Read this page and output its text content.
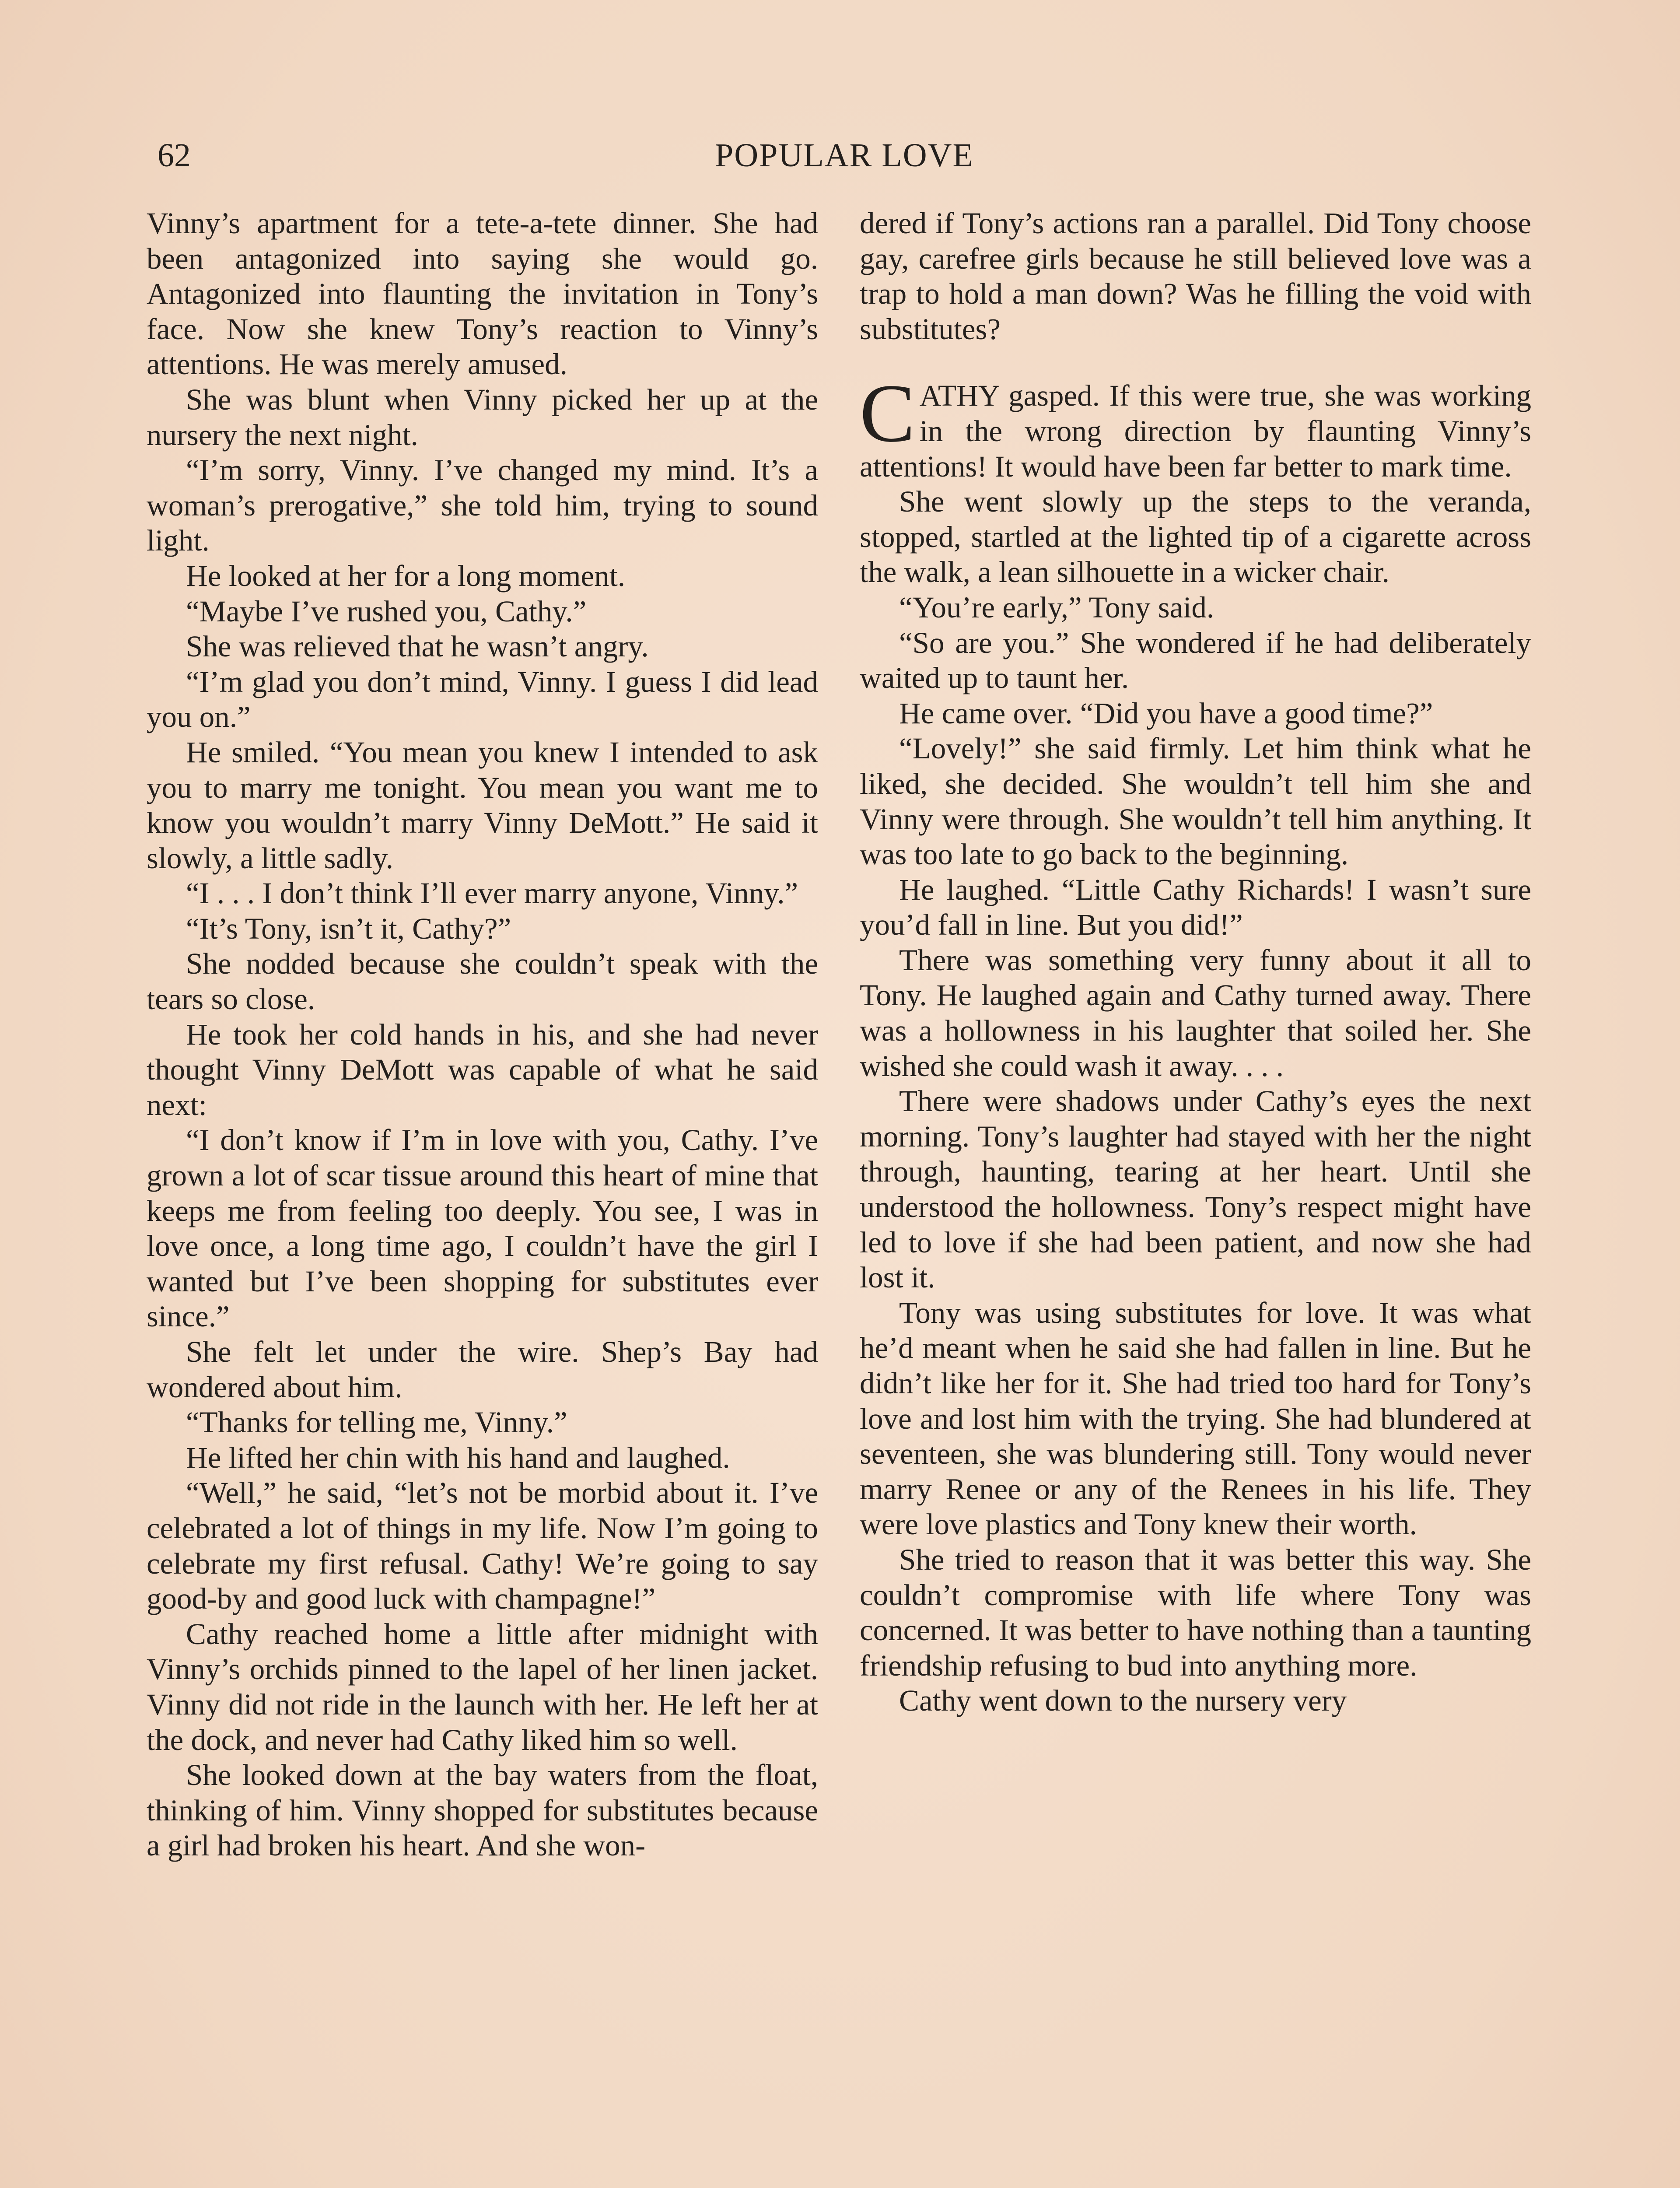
62	POPULAR LOVE

Vinny’s apartment for a tete-a-tete dinner. She had been antagonized into saying she would go. Antagonized into flaunting the invitation in Tony’s face. Now she knew Tony’s reaction to Vinny’s attentions. He was merely amused.

She was blunt when Vinny picked her up at the nursery the next night.

“I’m sorry, Vinny. I’ve changed my mind. It’s a woman’s prerogative,” she told him, trying to sound light.

He looked at her for a long moment.

“Maybe I’ve rushed you, Cathy.”

She was relieved that he wasn’t angry.

“I’m glad you don’t mind, Vinny. I guess I did lead you on.”

He smiled. “You mean you knew I intended to ask you to marry me tonight. You mean you want me to know you wouldn’t marry Vinny DeMott.” He said it slowly, a little sadly.

“I . . . I don’t think I’ll ever marry anyone, Vinny.”

“It’s Tony, isn’t it, Cathy?”

She nodded because she couldn’t speak with the tears so close.

He took her cold hands in his, and she had never thought Vinny DeMott was capable of what he said next:

“I don’t know if I’m in love with you, Cathy. I’ve grown a lot of scar tissue around this heart of mine that keeps me from feeling too deeply. You see, I was in love once, a long time ago, I couldn’t have the girl I wanted but I’ve been shopping for substitutes ever since.”

She felt let under the wire. Shep’s Bay had wondered about him.

“Thanks for telling me, Vinny.”

He lifted her chin with his hand and laughed.

“Well,” he said, “let’s not be morbid about it. I’ve celebrated a lot of things in my life. Now I’m going to celebrate my first refusal. Cathy! We’re going to say good-by and good luck with champagne!”

Cathy reached home a little after midnight with Vinny’s orchids pinned to the lapel of her linen jacket. Vinny did not ride in the launch with her. He left her at the dock, and never had Cathy liked him so well.

She looked down at the bay waters from the float, thinking of him. Vinny shopped for substitutes because a girl had broken his heart. And she won-

dered if Tony’s actions ran a parallel. Did Tony choose gay, carefree girls because he still believed love was a trap to hold a man down? Was he filling the void with substitutes?

CATHY gasped. If this were true, she was working in the wrong direction by flaunting Vinny’s attentions! It would have been far better to mark time.

She went slowly up the steps to the veranda, stopped, startled at the lighted tip of a cigarette across the walk, a lean silhouette in a wicker chair.

“You’re early,” Tony said.

“So are you.” She wondered if he had deliberately waited up to taunt her.

He came over. “Did you have a good time?”

“Lovely!” she said firmly. Let him think what he liked, she decided. She wouldn’t tell him she and Vinny were through. She wouldn’t tell him anything. It was too late to go back to the beginning.

He laughed. “Little Cathy Richards! I wasn’t sure you’d fall in line. But you did!”

There was something very funny about it all to Tony. He laughed again and Cathy turned away. There was a hollowness in his laughter that soiled her. She wished she could wash it away. . . .

There were shadows under Cathy’s eyes the next morning. Tony’s laughter had stayed with her the night through, haunting, tearing at her heart. Until she understood the hollowness. Tony’s respect might have led to love if she had been patient, and now she had lost it.

Tony was using substitutes for love. It was what he’d meant when he said she had fallen in line. But he didn’t like her for it. She had tried too hard for Tony’s love and lost him with the trying. She had blundered at seventeen, she was blundering still. Tony would never marry Renee or any of the Renees in his life. They were love plastics and Tony knew their worth.

She tried to reason that it was better this way. She couldn’t compromise with life where Tony was concerned. It was better to have nothing than a taunting friendship refusing to bud into anything more.

Cathy went down to the nursery very
